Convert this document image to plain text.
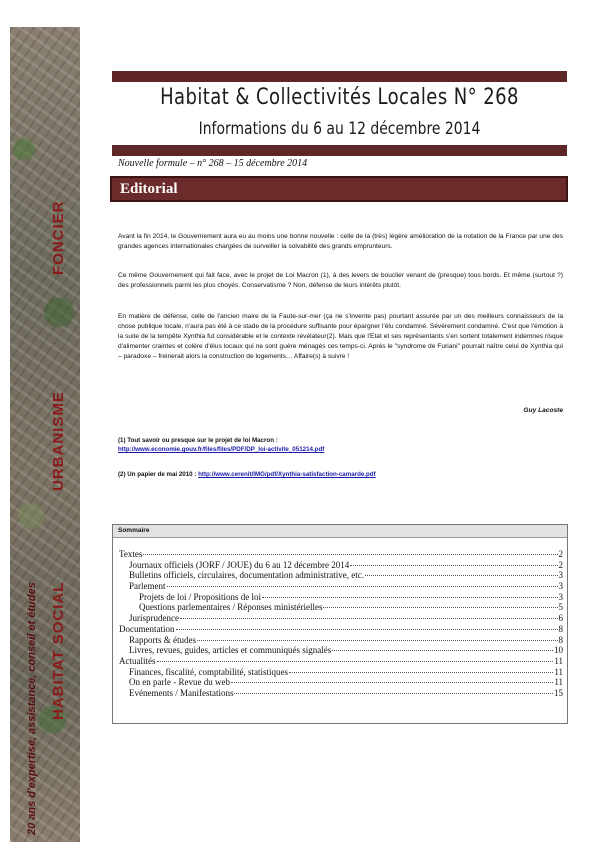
FONCIER
URBANISME
HABITAT SOCIAL
20 ans d'expertise, assistance, conseil et études
Habitat & Collectivités Locales N° 268
Informations du 6 au 12 décembre 2014
Nouvelle formule – n° 268 – 15 décembre 2014
Editorial
Avant la fin 2014, le Gouvernement aura eu au moins une bonne nouvelle : celle de la (très) légère amélioration de la notation de la France par une des grandes agences internationales chargées de surveiller la solvabilité des grands emprunteurs.
Ce même Gouvernement qui fait face, avec le projet de Loi Macron (1), à des levers de bouclier venant de (presque) tous bords. Et même (surtout ?) des professionnels parmi les plus choyés. Conservatisme ? Non, défense de leurs intérêts plutôt.
En matière de défense, celle de l'ancien maire de la Faute-sur-mer (ça ne s'invente pas) pourtant assurée par un des meilleurs connaisseurs de la chose publique locale, n'aura pas été à ce stade de la procédure suffisante pour épargner l'élu condamné. Sévèrement condamné. C'est que l'émotion à la suite de la tempête Xynthia fut considérable et le contexte révélateur(2). Mais que l'Etat et ses représentants s'en sortent totalement indemnes risque d'alimenter craintes et colère d'élus locaux qui ne sont guère ménagés ces temps-ci. Après le "syndrome de Furiani" pourrait naître celui de Xynthia qui – paradoxe – freinerait alors la construction de logements… Affaire(s) à suivre !
Guy Lacoste
(1) Tout savoir ou presque sur le projet de loi Macron :
http://www.economie.gouv.fr/files/files/PDF/DP_loi-activite_051214.pdf
(2) Un papier de mai 2010 : http://www.cerenit/IMG/pdf/Xynthia-satisfaction-camarde.pdf
Sommaire
Textes	2
Journaux officiels (JORF / JOUE) du 6 au 12 décembre 2014	2
Bulletins officiels, circulaires, documentation administrative, etc.	3
Parlement	3
Projets de loi / Propositions de loi	3
Questions parlementaires / Réponses ministérielles	5
Jurisprudence	6
Documentation	8
Rapports & études	8
Livres, revues, guides, articles et communiqués signalés	10
Actualités	11
Finances, fiscalité, comptabilité, statistiques	11
On en parle - Revue du web	11
Evénements / Manifestations	15
